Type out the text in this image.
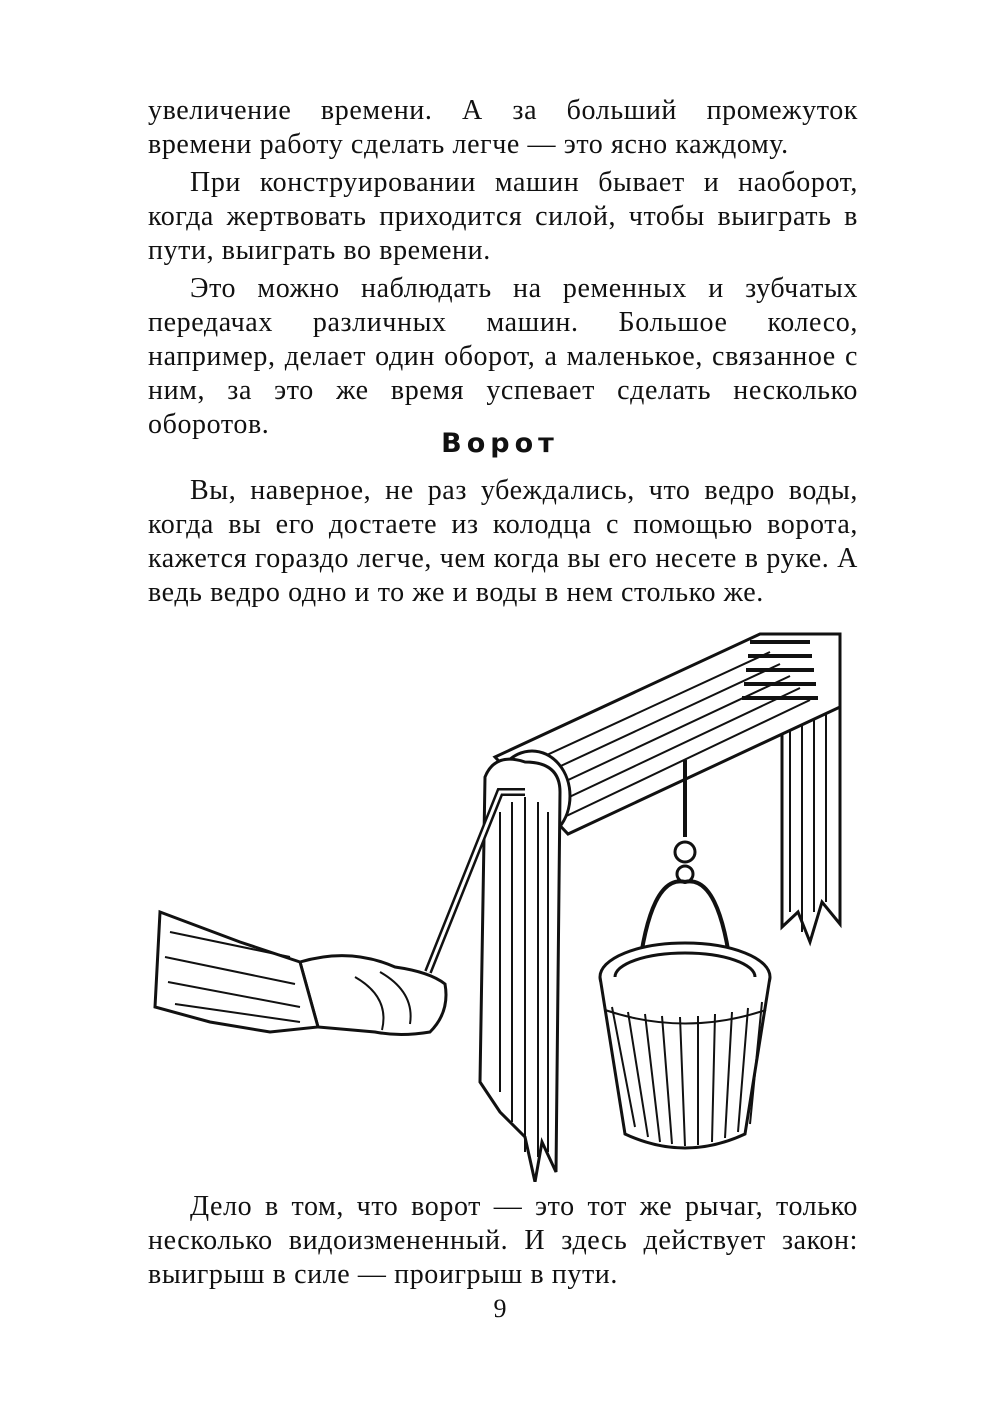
увеличение времени. А за больший промежуток времени работу сделать легче — это ясно каждому.

При конструировании машин бывает и наоборот, когда жертвовать приходится силой, чтобы выиграть в пути, выиграть во времени.

Это можно наблюдать на ременных и зубчатых передачах различных машин. Большое колесо, например, делает один оборот, а маленькое, связанное с ним, за это же время успевает сделать несколько оборотов.

Ворот

Вы, наверное, не раз убеждались, что ведро воды, когда вы его достаете из колодца с помощью ворота, кажется гораздо легче, чем когда вы его несете в руке. А ведь ведро одно и то же и воды в нем столько же.

Дело в том, что ворот — это тот же рычаг, только несколько видоизмененный. И здесь действует закон: выигрыш в силе — проигрыш в пути.

9
